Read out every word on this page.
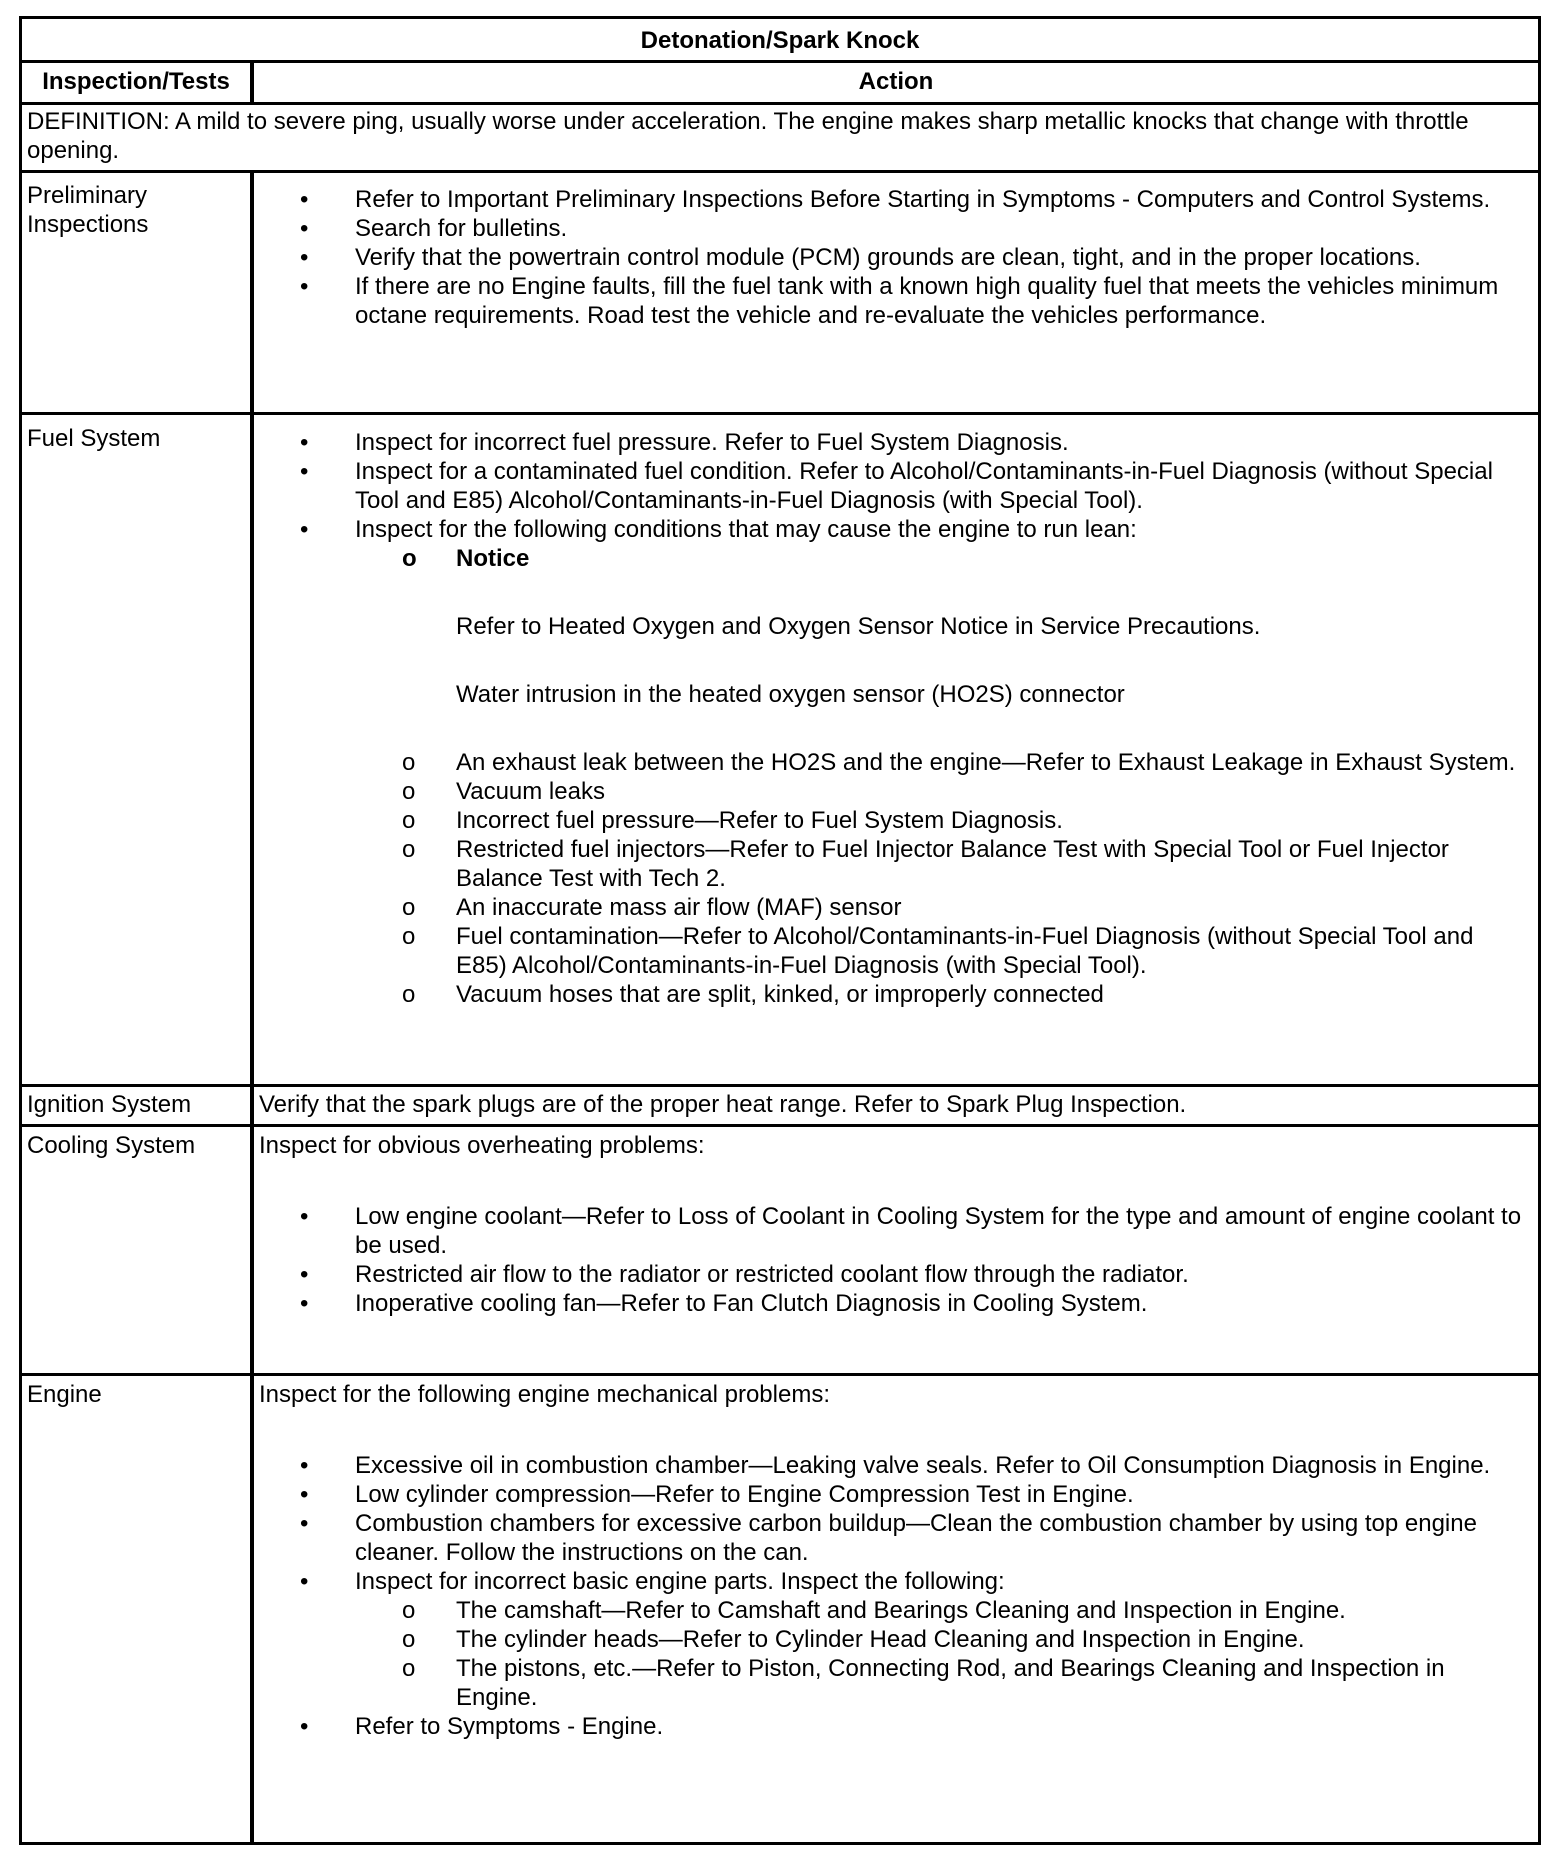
Detonation/Spark Knock
Inspection/Tests	Action
DEFINITION: A mild to severe ping, usually worse under acceleration. The engine makes sharp metallic knocks that change with throttle opening.
Preliminary Inspections
• Refer to Important Preliminary Inspections Before Starting in Symptoms - Computers and Control Systems.
• Search for bulletins.
• Verify that the powertrain control module (PCM) grounds are clean, tight, and in the proper locations.
• If there are no Engine faults, fill the fuel tank with a known high quality fuel that meets the vehicles minimum octane requirements. Road test the vehicle and re-evaluate the vehicles performance.
Fuel System
•	Inspect for incorrect fuel pressure. Refer to Fuel System Diagnosis.
• Inspect for a contaminated fuel condition. Refer to Alcohol/Contaminants-in-Fuel Diagnosis (without Special Tool and E85) Alcohol/Contaminants-in-Fuel Diagnosis (with Special Tool).
• Inspect for the following conditions that may cause the engine to run lean:
o Notice
Refer to Heated Oxygen and Oxygen Sensor Notice in Service Precautions.
Water intrusion in the heated oxygen sensor (HO2S) connector
o An exhaust leak between the HO2S and the engine—Refer to Exhaust Leakage in Exhaust System.
o Vacuum leaks
o Incorrect fuel pressure—Refer to Fuel System Diagnosis.
o Restricted fuel injectors—Refer to Fuel Injector Balance Test with Special Tool or Fuel Injector Balance Test with Tech 2.
o An inaccurate mass air flow (MAF) sensor
o Fuel contamination—Refer to Alcohol/Contaminants-in-Fuel Diagnosis (without Special Tool and E85) Alcohol/Contaminants-in-Fuel Diagnosis (with Special Tool).
o Vacuum hoses that are split, kinked, or improperly connected
Ignition System	Verify that the spark plugs are of the proper heat range. Refer to Spark Plug Inspection.
Cooling System	Inspect for obvious overheating problems:
• Low engine coolant—Refer to Loss of Coolant in Cooling System for the type and amount of engine coolant to be used.
• Restricted air flow to the radiator or restricted coolant flow through the radiator.
• Inoperative cooling fan—Refer to Fan Clutch Diagnosis in Cooling System.
Engine	Inspect for the following engine mechanical problems:
• Excessive oil in combustion chamber—Leaking valve seals. Refer to Oil Consumption Diagnosis in Engine.
• Low cylinder compression—Refer to Engine Compression Test in Engine.
• Combustion chambers for excessive carbon buildup—Clean the combustion chamber by using top engine cleaner. Follow the instructions on the can.
• Inspect for incorrect basic engine parts. Inspect the following:
o The camshaft—Refer to Camshaft and Bearings Cleaning and Inspection in Engine.
o The cylinder heads—Refer to Cylinder Head Cleaning and Inspection in Engine.
o The pistons, etc.—Refer to Piston, Connecting Rod, and Bearings Cleaning and Inspection in Engine.
• Refer to Symptoms - Engine.
